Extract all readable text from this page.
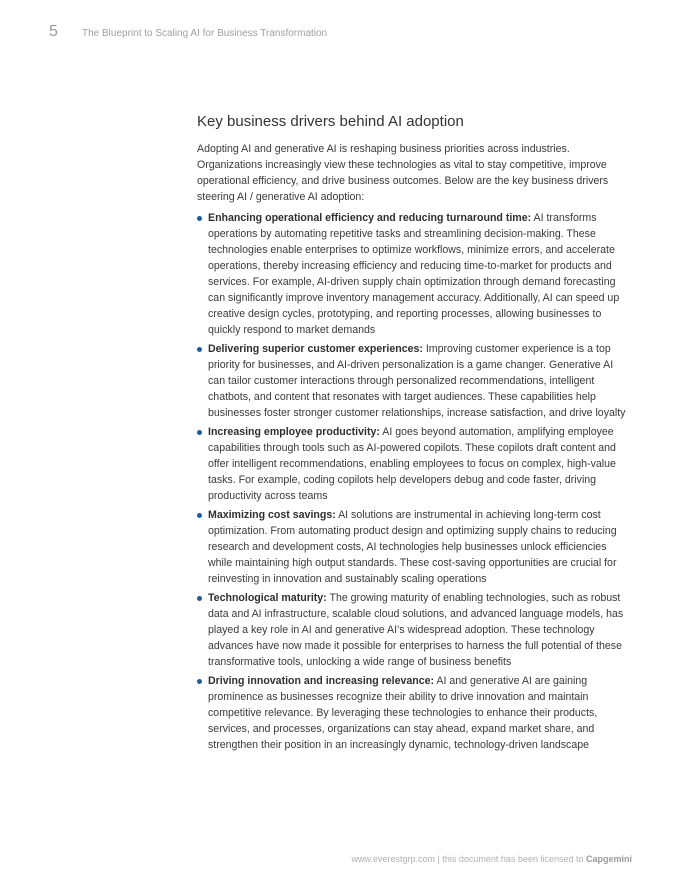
5 The Blueprint to Scaling AI for Business Transformation
Key business drivers behind AI adoption

Adopting AI and generative AI is reshaping business priorities across industries. Organizations increasingly view these technologies as vital to stay competitive, improve operational efficiency, and drive business outcomes. Below are the key business drivers steering AI / generative AI adoption:

Enhancing operational efficiency and reducing turnaround time: AI transforms operations by automating repetitive tasks and streamlining decision-making. These technologies enable enterprises to optimize workflows, minimize errors, and accelerate operations, thereby increasing efficiency and reducing time-to-market for products and services. For example, AI-driven supply chain optimization through demand forecasting can significantly improve inventory management accuracy. Additionally, AI can speed up creative design cycles, prototyping, and reporting processes, allowing businesses to quickly respond to market demands
Delivering superior customer experiences: Improving customer experience is a top priority for businesses, and AI-driven personalization is a game changer. Generative AI can tailor customer interactions through personalized recommendations, intelligent chatbots, and content that resonates with target audiences. These capabilities help businesses foster stronger customer relationships, increase satisfaction, and drive loyalty
Increasing employee productivity: AI goes beyond automation, amplifying employee capabilities through tools such as AI-powered copilots. These copilots draft content and offer intelligent recommendations, enabling employees to focus on complex, high-value tasks. For example, coding copilots help developers debug and code faster, driving productivity across teams
Maximizing cost savings: AI solutions are instrumental in achieving long-term cost optimization. From automating product design and optimizing supply chains to reducing research and development costs, AI technologies help businesses unlock efficiencies while maintaining high output standards. These cost-saving opportunities are crucial for reinvesting in innovation and sustainably scaling operations
Technological maturity: The growing maturity of enabling technologies, such as robust data and AI infrastructure, scalable cloud solutions, and advanced language models, has played a key role in AI and generative AI’s widespread adoption. These technology advances have now made it possible for enterprises to harness the full potential of these transformative tools, unlocking a wide range of business benefits
Driving innovation and increasing relevance: AI and generative AI are gaining prominence as businesses recognize their ability to drive innovation and maintain competitive relevance. By leveraging these technologies to enhance their products, services, and processes, organizations can stay ahead, expand market share, and strengthen their position in an increasingly dynamic, technology-driven landscape
www.everestgrp.com | this document has been licensed to Capgemini
